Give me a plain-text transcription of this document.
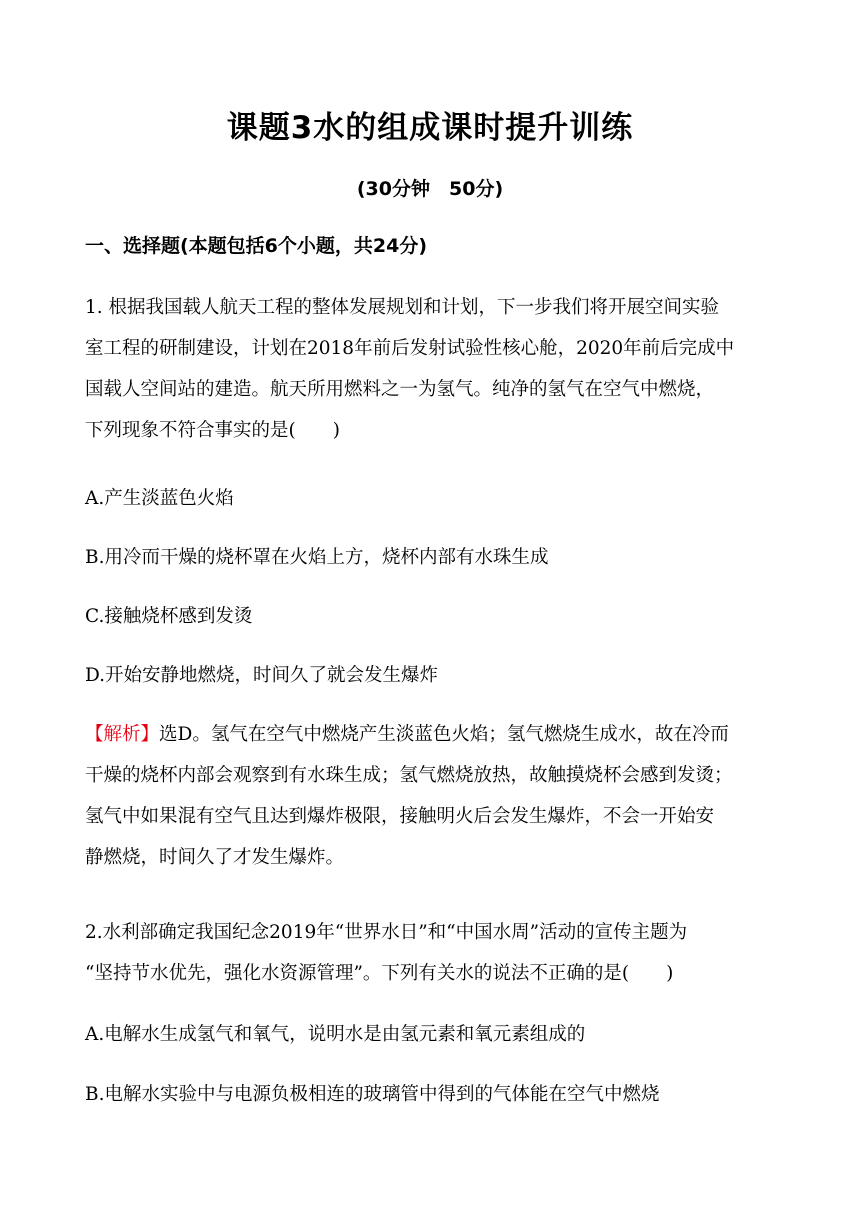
课题3水的组成课时提升训练
(30分钟　50分)
一、选择题(本题包括6个小题，共24分)
1. 根据我国载人航天工程的整体发展规划和计划，下一步我们将开展空间实验
室工程的研制建设，计划在2018年前后发射试验性核心舱，2020年前后完成中
国载人空间站的建造。航天所用燃料之一为氢气。纯净的氢气在空气中燃烧，
下列现象不符合事实的是(　　)
A.产生淡蓝色火焰
B.用冷而干燥的烧杯罩在火焰上方，烧杯内部有水珠生成
C.接触烧杯感到发烫
D.开始安静地燃烧，时间久了就会发生爆炸
【解析】选D。氢气在空气中燃烧产生淡蓝色火焰；氢气燃烧生成水，故在冷而
干燥的烧杯内部会观察到有水珠生成；氢气燃烧放热，故触摸烧杯会感到发烫；
氢气中如果混有空气且达到爆炸极限，接触明火后会发生爆炸，不会一开始安
静燃烧，时间久了才发生爆炸。
2.水利部确定我国纪念2019年“世界水日”和“中国水周”活动的宣传主题为
“坚持节水优先，强化水资源管理”。下列有关水的说法不正确的是(　　)
A.电解水生成氢气和氧气，说明水是由氢元素和氧元素组成的
B.电解水实验中与电源负极相连的玻璃管中得到的气体能在空气中燃烧
